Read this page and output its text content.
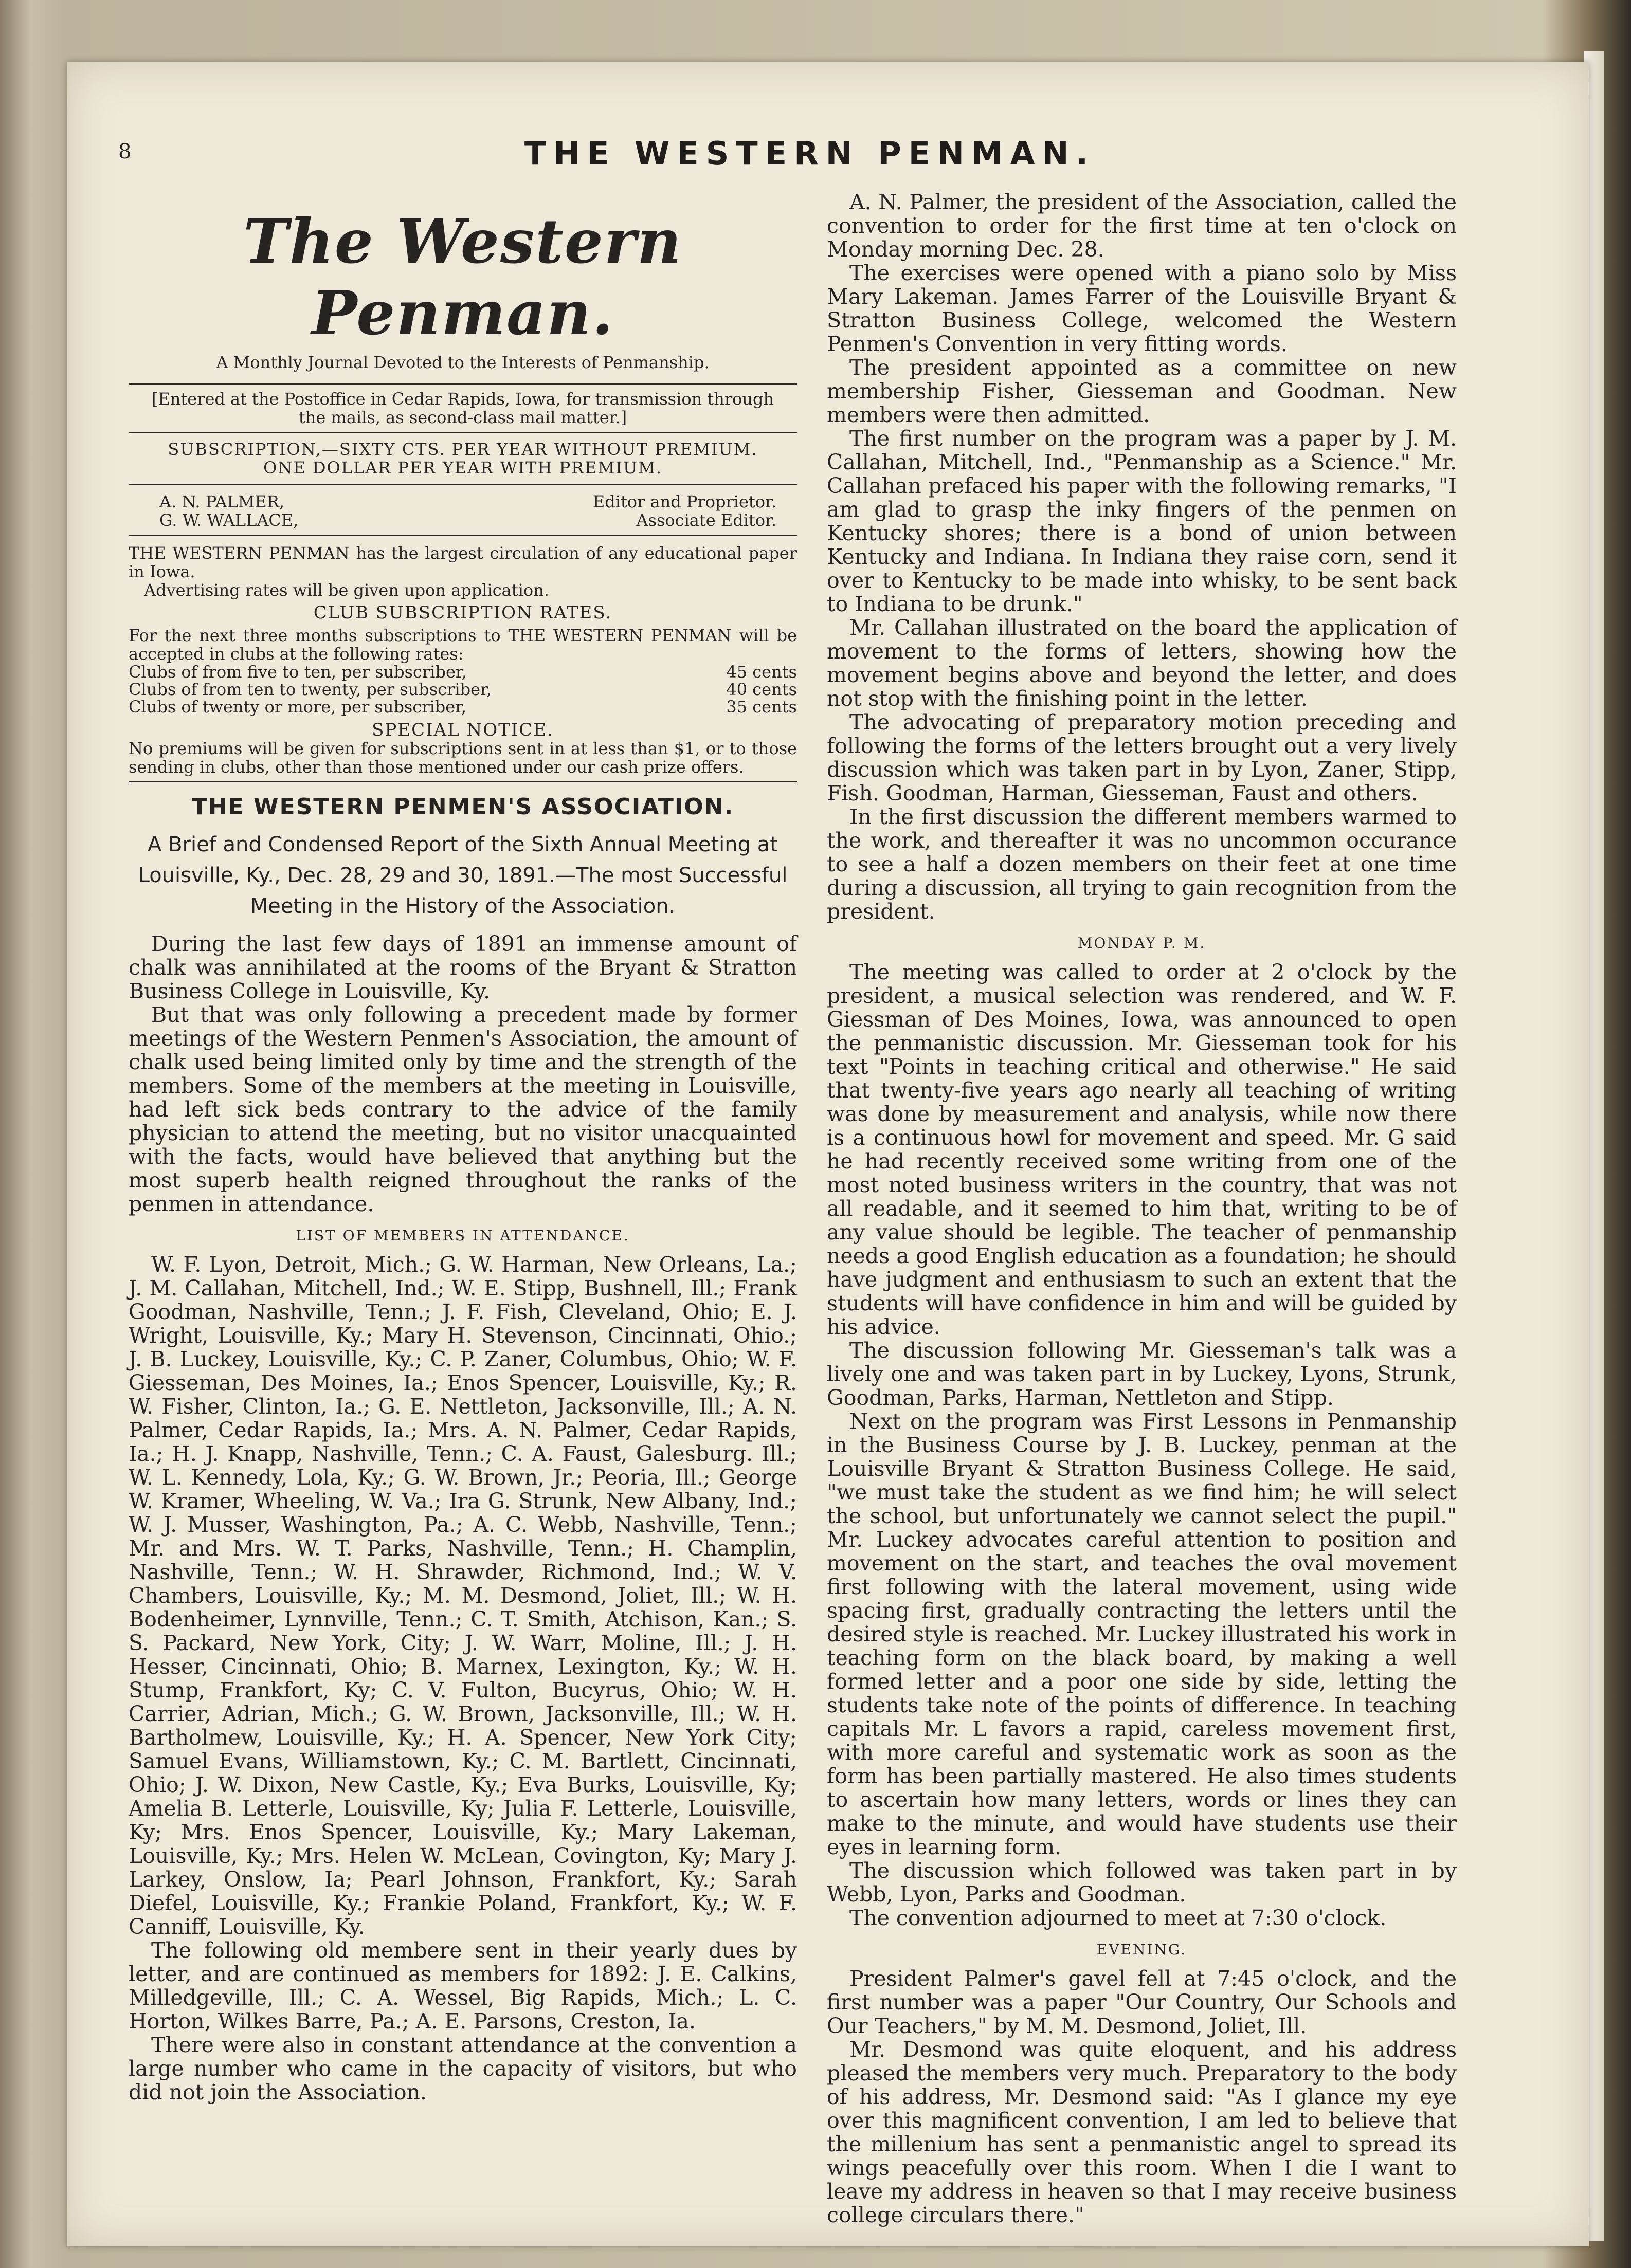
8	THE WESTERN PENMAN.
The Western Penman.
A Monthly Journal Devoted to the Interests of Penmanship.
[Entered at the Postoffice in Cedar Rapids, Iowa, for transmission through the mails, as second-class mail matter.]
SUBSCRIPTION,—SIXTY CTS. PER YEAR WITHOUT PREMIUM.
ONE DOLLAR PER YEAR WITH PREMIUM.
A. N. PALMER,	Editor and Proprietor.
G. W. WALLACE,	Associate Editor.
THE WESTERN PENMAN has the largest circulation of any educational paper in Iowa.
Advertising rates will be given upon application.
CLUB SUBSCRIPTION RATES.
For the next three months subscriptions to THE WESTERN PENMAN will be accepted in clubs at the following rates:
Clubs of from five to ten, per subscriber,	45 cents
Clubs of from ten to twenty, per subscriber,	40 cents
Clubs of twenty or more, per subscriber,	35 cents
SPECIAL NOTICE.
No premiums will be given for subscriptions sent in at less than $1, or to those sending in clubs, other than those mentioned under our cash prize offers.
THE WESTERN PENMEN'S ASSOCIATION.
A Brief and Condensed Report of the Sixth Annual Meeting at Louisville, Ky., Dec. 28, 29 and 30, 1891.—The most Successful Meeting in the History of the Association.

During the last few days of 1891 an immense amount of chalk was annihilated at the rooms of the Bryant & Stratton Business College in Louisville, Ky.

But that was only following a precedent made by former meetings of the Western Penmen's Association, the amount of chalk used being limited only by time and the strength of the members. Some of the members at the meeting in Louisville, had left sick beds contrary to the advice of the family physician to attend the meeting, but no visitor unacquainted with the facts, would have believed that anything but the most superb health reigned throughout the ranks of the penmen in attendance.

LIST OF MEMBERS IN ATTENDANCE.

W. F. Lyon, Detroit, Mich.; G. W. Harman, New Orleans, La.; J. M. Callahan, Mitchell, Ind.; W. E. Stipp, Bushnell, Ill.; Frank Goodman, Nashville, Tenn.; J. F. Fish, Cleveland, Ohio; E. J. Wright, Louisville, Ky.; Mary H. Stevenson, Cincinnati, Ohio.; J. B. Luckey, Louisville, Ky.; C. P. Zaner, Columbus, Ohio; W. F. Giesseman, Des Moines, Ia.; Enos Spencer, Louisville, Ky.; R. W. Fisher, Clinton, Ia.; G. E. Nettleton, Jacksonville, Ill.; A. N. Palmer, Cedar Rapids, Ia.; Mrs. A. N. Palmer, Cedar Rapids, Ia.; H. J. Knapp, Nashville, Tenn.; C. A. Faust, Galesburg. Ill.; W. L. Kennedy, Lola, Ky.; G. W. Brown, Jr.; Peoria, Ill.; George W. Kramer, Wheeling, W. Va.; Ira G. Strunk, New Albany, Ind.; W. J. Musser, Washington, Pa.; A. C. Webb, Nashville, Tenn.; Mr. and Mrs. W. T. Parks, Nashville, Tenn.; H. Champlin, Nashville, Tenn.; W. H. Shrawder, Richmond, Ind.; W. V. Chambers, Louisville, Ky.; M. M. Desmond, Joliet, Ill.; W. H. Bodenheimer, Lynnville, Tenn.; C. T. Smith, Atchison, Kan.; S. S. Packard, New York, City; J. W. Warr, Moline, Ill.; J. H. Hesser, Cincinnati, Ohio; B. Marnex, Lexington, Ky.; W. H. Stump, Frankfort, Ky; C. V. Fulton, Bucyrus, Ohio; W. H. Carrier, Adrian, Mich.; G. W. Brown, Jacksonville, Ill.; W. H. Bartholmew, Louisville, Ky.; H. A. Spencer, New York City; Samuel Evans, Williamstown, Ky.; C. M. Bartlett, Cincinnati, Ohio; J. W. Dixon, New Castle, Ky.; Eva Burks, Louisville, Ky; Amelia B. Letterle, Louisville, Ky; Julia F. Letterle, Louisville, Ky; Mrs. Enos Spencer, Louisville, Ky.; Mary Lakeman, Louisville, Ky.; Mrs. Helen W. McLean, Covington, Ky; Mary J. Larkey, Onslow, Ia; Pearl Johnson, Frankfort, Ky.; Sarah Diefel, Louisville, Ky.; Frankie Poland, Frankfort, Ky.; W. F. Canniff, Louisville, Ky.

The following old membere sent in their yearly dues by letter, and are continued as members for 1892: J. E. Calkins, Milledgeville, Ill.; C. A. Wessel, Big Rapids, Mich.; L. C. Horton, Wilkes Barre, Pa.; A. E. Parsons, Creston, Ia.

There were also in constant attendance at the convention a large number who came in the capacity of visitors, but who did not join the Association.

A. N. Palmer, the president of the Association, called the convention to order for the first time at ten o'clock on Monday morning Dec. 28.

The exercises were opened with a piano solo by Miss Mary Lakeman. James Farrer of the Louisville Bryant & Stratton Business College, welcomed the Western Penmen's Convention in very fitting words.

The president appointed as a committee on new membership Fisher, Giesseman and Goodman. New members were then admitted.

The first number on the program was a paper by J. M. Callahan, Mitchell, Ind., "Penmanship as a Science." Mr. Callahan prefaced his paper with the following remarks, "I am glad to grasp the inky fingers of the penmen on Kentucky shores; there is a bond of union between Kentucky and Indiana. In Indiana they raise corn, send it over to Kentucky to be made into whisky, to be sent back to Indiana to be drunk."

Mr. Callahan illustrated on the board the application of movement to the forms of letters, showing how the movement begins above and beyond the letter, and does not stop with the finishing point in the letter.

The advocating of preparatory motion preceding and following the forms of the letters brought out a very lively discussion which was taken part in by Lyon, Zaner, Stipp, Fish. Goodman, Harman, Giesseman, Faust and others.

In the first discussion the different members warmed to the work, and thereafter it was no uncommon occurance to see a half a dozen members on their feet at one time during a discussion, all trying to gain recognition from the president.

MONDAY P. M.

The meeting was called to order at 2 o'clock by the president, a musical selection was rendered, and W. F. Giessman of Des Moines, Iowa, was announced to open the penmanistic discussion. Mr. Giesseman took for his text "Points in teaching critical and otherwise." He said that twenty-five years ago nearly all teaching of writing was done by measurement and analysis, while now there is a continuous howl for movement and speed. Mr. G said he had recently received some writing from one of the most noted business writers in the country, that was not all readable, and it seemed to him that, writing to be of any value should be legible. The teacher of penmanship needs a good English education as a foundation; he should have judgment and enthusiasm to such an extent that the students will have confidence in him and will be guided by his advice.

The discussion following Mr. Giesseman's talk was a lively one and was taken part in by Luckey, Lyons, Strunk, Goodman, Parks, Harman, Nettleton and Stipp.

Next on the program was First Lessons in Penmanship in the Business Course by J. B. Luckey, penman at the Louisville Bryant & Stratton Business College. He said, "we must take the student as we find him; he will select the school, but unfortunately we cannot select the pupil." Mr. Luckey advocates careful attention to position and movement on the start, and teaches the oval movement first following with the lateral movement, using wide spacing first, gradually contracting the letters until the desired style is reached. Mr. Luckey illustrated his work in teaching form on the black board, by making a well formed letter and a poor one side by side, letting the students take note of the points of difference. In teaching capitals Mr. L favors a rapid, careless movement first, with more careful and systematic work as soon as the form has been partially mastered. He also times students to ascertain how many letters, words or lines they can make to the minute, and would have students use their eyes in learning form.

The discussion which followed was taken part in by Webb, Lyon, Parks and Goodman.

The convention adjourned to meet at 7:30 o'clock.

EVENING.

President Palmer's gavel fell at 7:45 o'clock, and the first number was a paper "Our Country, Our Schools and Our Teachers," by M. M. Desmond, Joliet, Ill.

Mr. Desmond was quite eloquent, and his address pleased the members very much. Preparatory to the body of his address, Mr. Desmond said: "As I glance my eye over this magnificent convention, I am led to believe that the millenium has sent a penmanistic angel to spread its wings peacefully over this room. When I die I want to leave my address in heaven so that I may receive business college circulars there."
